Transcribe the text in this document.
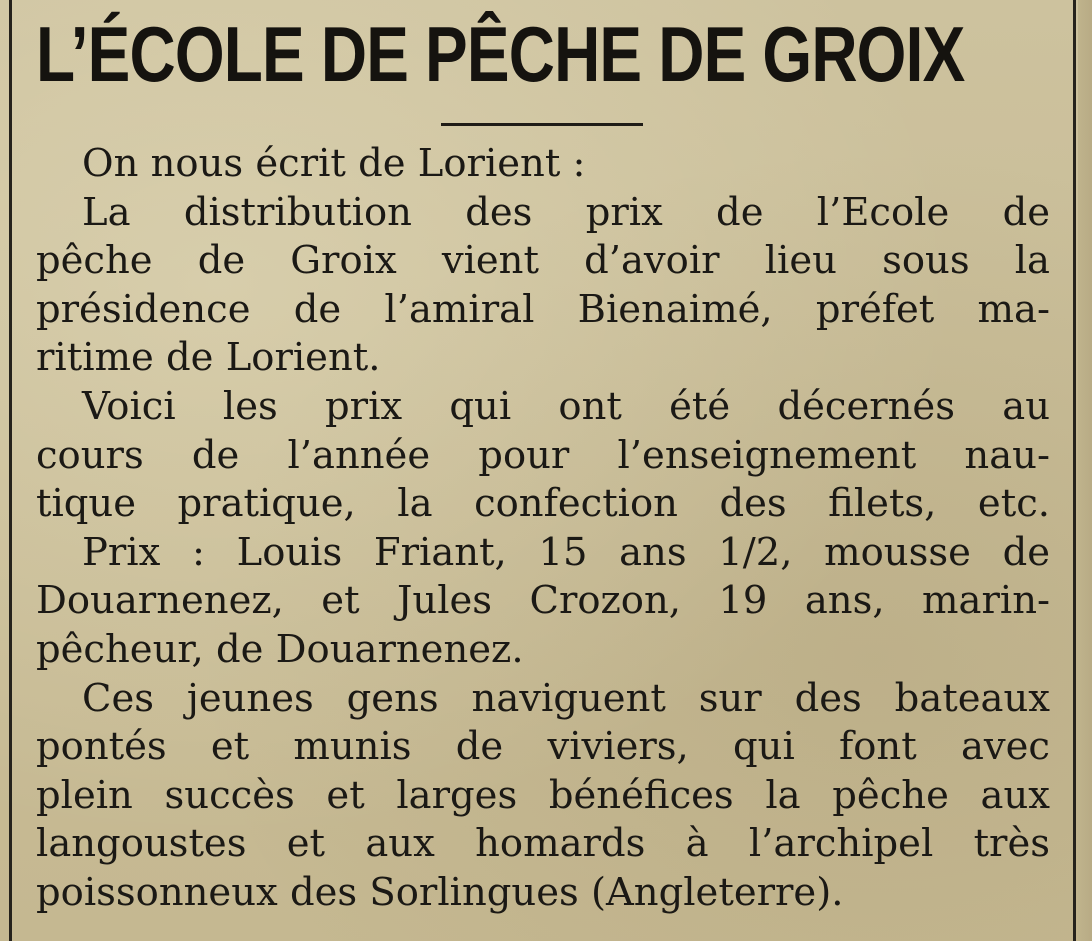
L’ÉCOLE DE PÊCHE DE GROIX
On nous écrit de Lorient :
La distribution des prix de l’Ecole de
pêche de Groix vient d’avoir lieu sous la
présidence de l’amiral Bienaimé, préfet ma-
ritime de Lorient.
Voici les prix qui ont été décernés au
cours de l’année pour l’enseignement nau-
tique pratique, la confection des filets, etc.
Prix : Louis Friant, 15 ans 1/2, mousse de
Douarnenez, et Jules Crozon, 19 ans, marin-
pêcheur, de Douarnenez.
Ces jeunes gens naviguent sur des bateaux
pontés et munis de viviers, qui font avec
plein succès et larges bénéfices la pêche aux
langoustes et aux homards à l’archipel très
poissonneux des Sorlingues (Angleterre).
